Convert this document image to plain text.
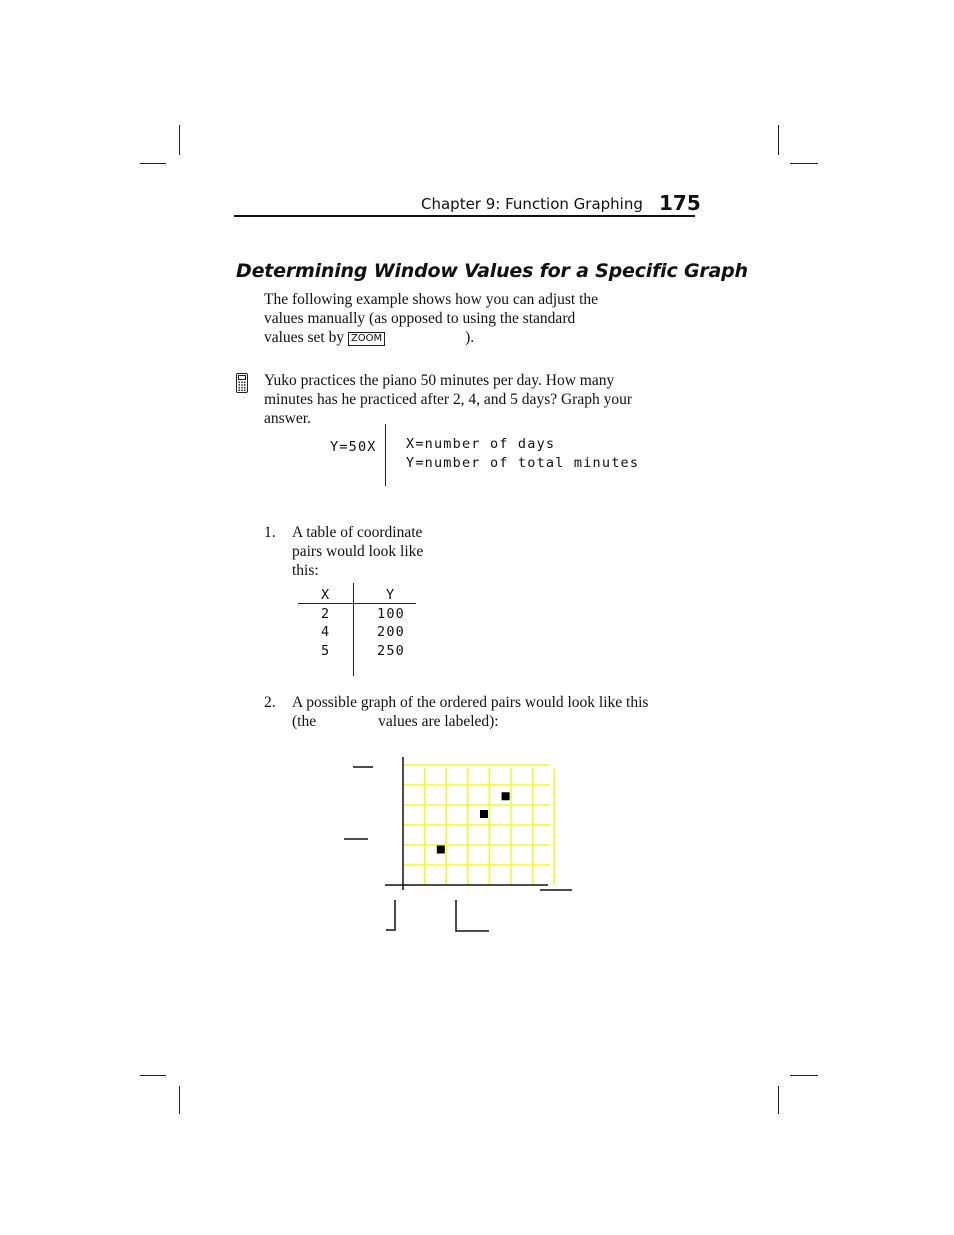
Chapter 9: Function Graphing 175
Determining Window Values for a Specific Graph
The following example shows how you can adjust the
values manually (as opposed to using the standard
values set by ZOOM	).
Yuko practices the piano 50 minutes per day. How many
minutes has he practiced after 2, 4, and 5 days? Graph your
answer.
Y=50X X=number of days
Y=number of total minutes
1. A table of coordinate
pairs would look like
this:
X	Y
2	100
4	200
5	250
2. A possible graph of the ordered pairs would look like this
(the	values are labeled):
